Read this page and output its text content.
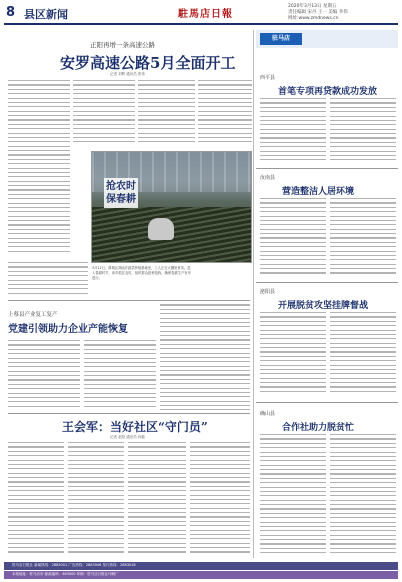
8 县区新闻	駐馬店日報
2020年3月13日 星期五
责任编辑 宋丹 王一 美编 李伟
网址:www.zmdnews.cn
正阳再增一条高速公路
安罗高速公路5月全面开工
记者 刘辉 通讯员 张伟
抢农时保春耕
3月12日，驿城区胡庙乡蔬菜种植基地里，工人正在大棚里育苗。进入春耕时节，该乡抓住农时，组织群众抢种抢栽，确保春耕生产有序进行。
上蔡县产业复工复产
党建引领助力企业产能恢复
王会军：当好社区“守门员”
记者 赵阳 通讯员 孙磊
驻马店
西平县
首笔专项再贷款成功发放
汝南县
营造整洁人居环境
泌阳县
开展脱贫攻坚挂牌督战
确山县
合作社助力脱贫忙
驻马店日报社 新闻热线：2883001 广告热线：2883006 发行热线：2883018
本报地址：驻马店市 邮政编码：463000 印刷：驻马店日报社印刷厂
